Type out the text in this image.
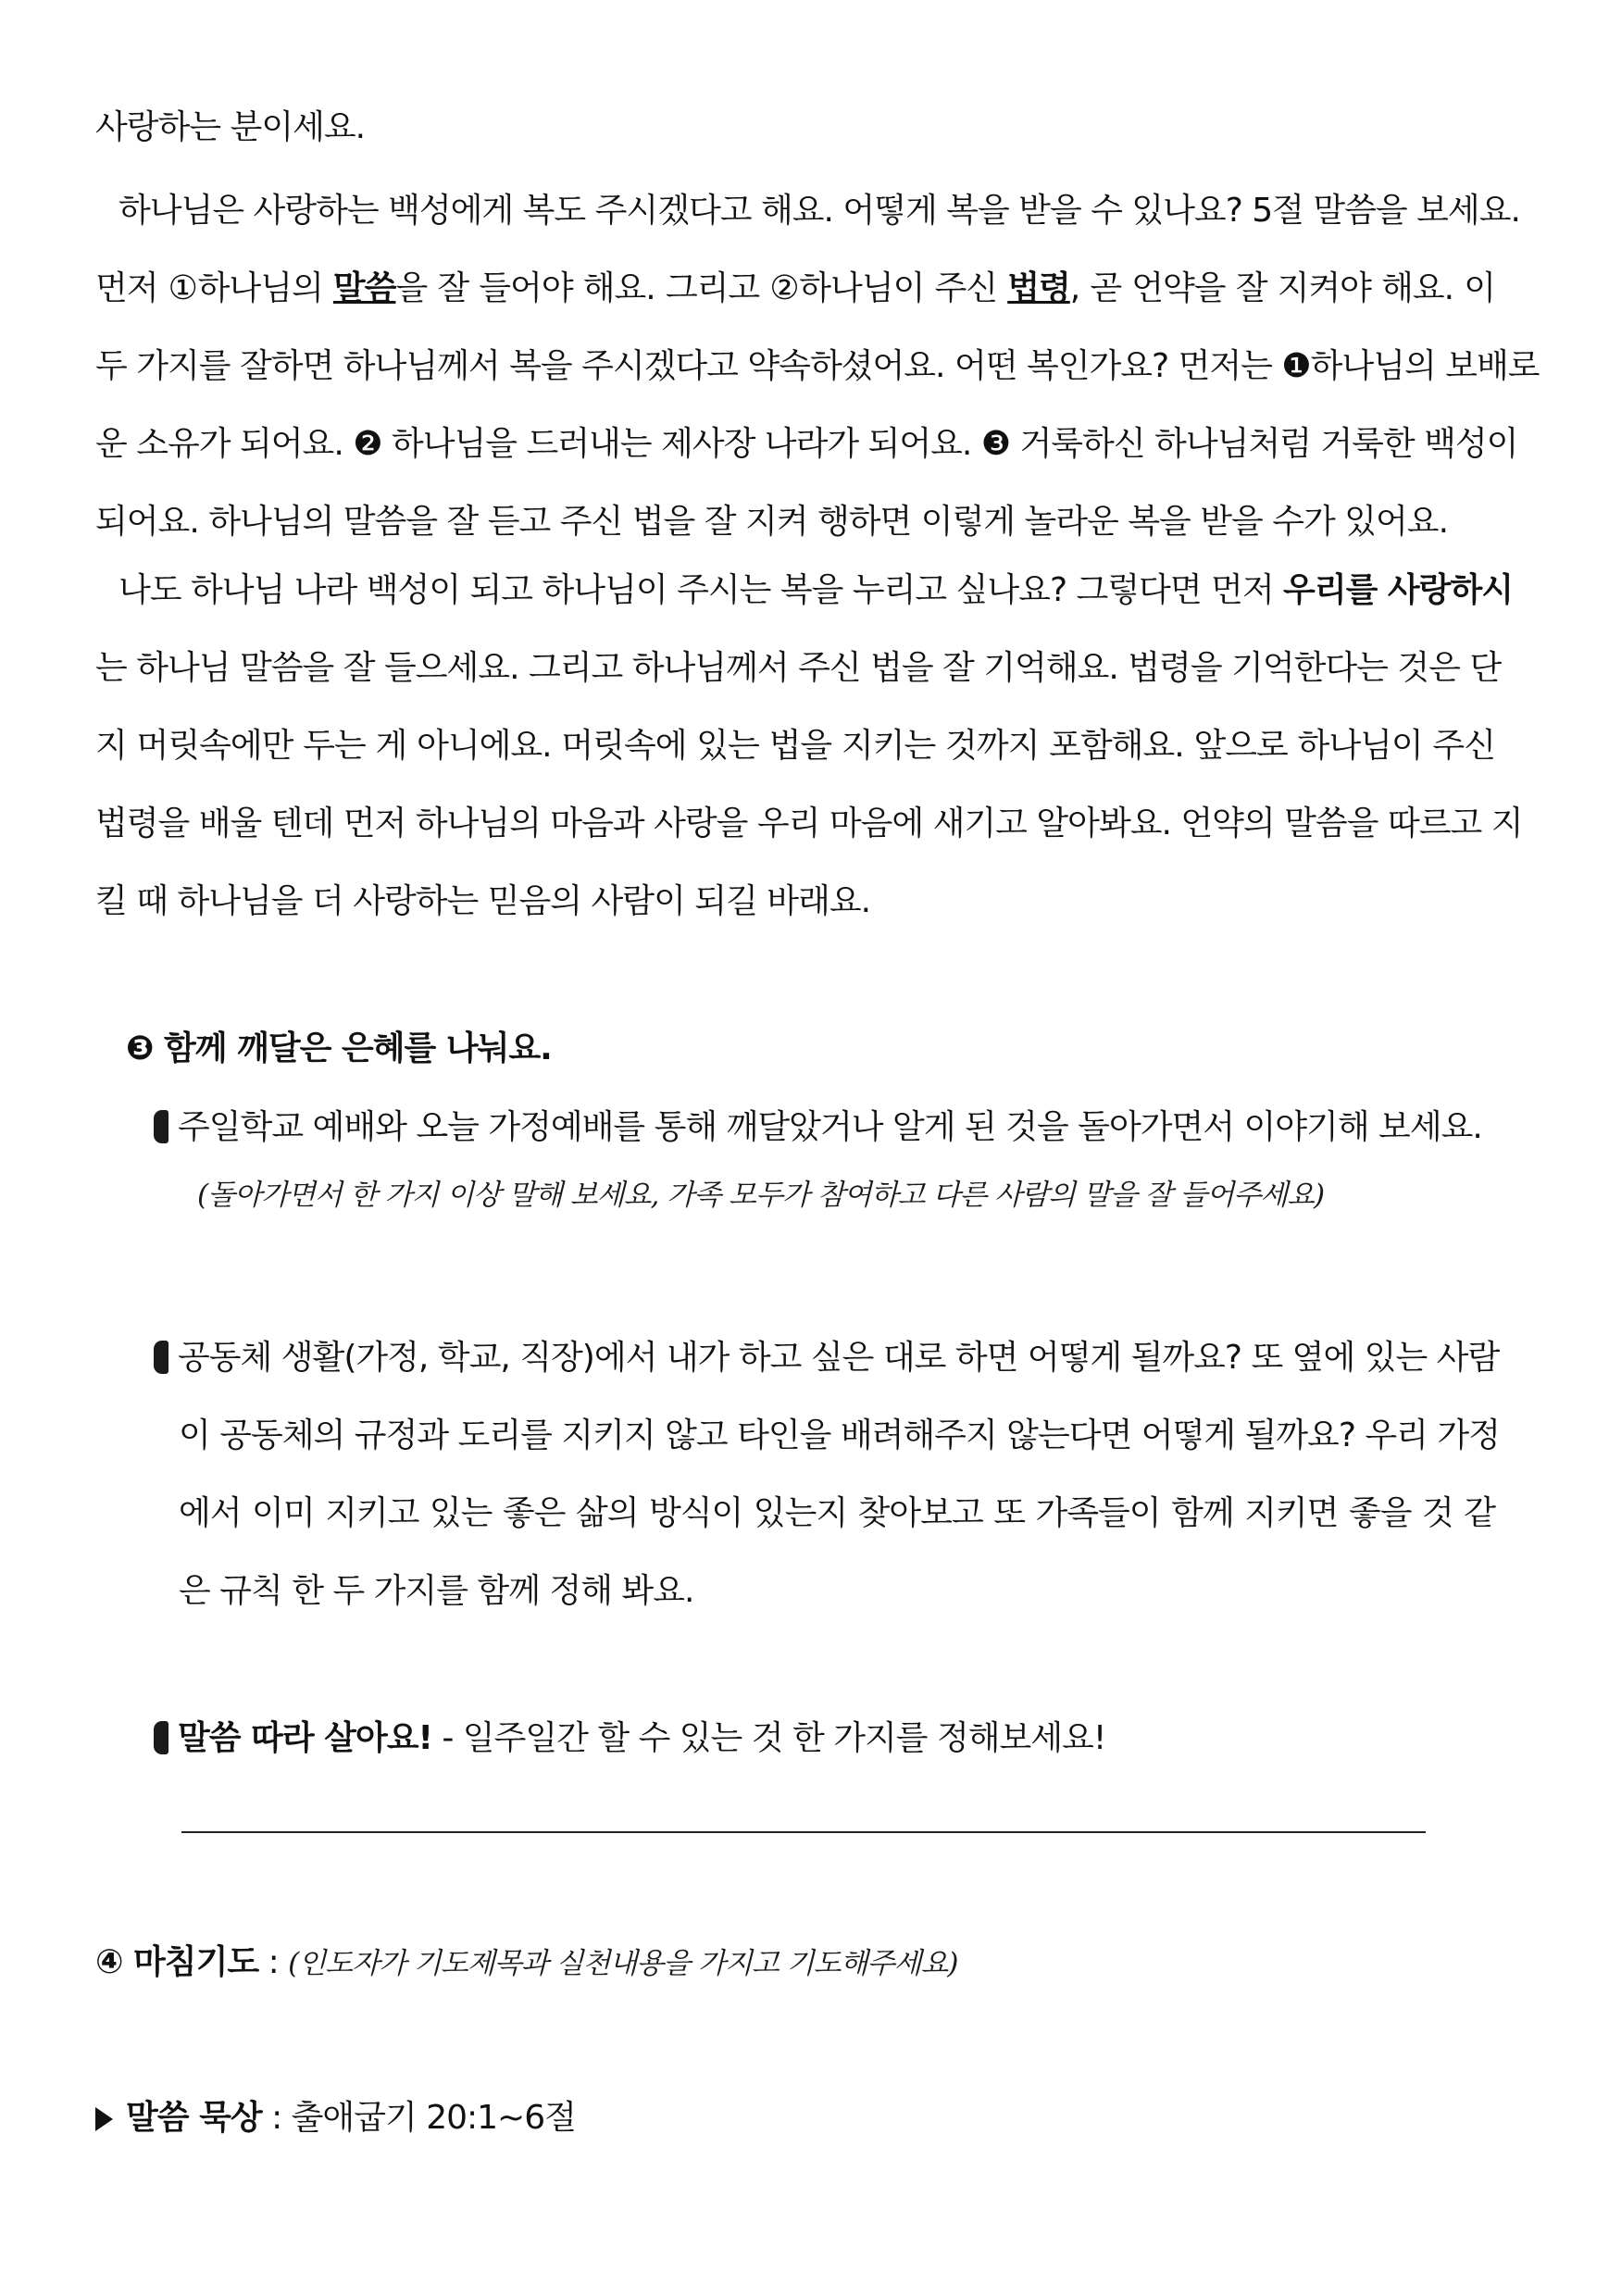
사랑하는 분이세요.
하나님은 사랑하는 백성에게 복도 주시겠다고 해요. 어떻게 복을 받을 수 있나요? 5절 말씀을 보세요.
먼저 ①하나님의 말씀을 잘 들어야 해요. 그리고 ②하나님이 주신 법령, 곧 언약을 잘 지켜야 해요. 이
두 가지를 잘하면 하나님께서 복을 주시겠다고 약속하셨어요. 어떤 복인가요? 먼저는 ❶하나님의 보배로
운 소유가 되어요. ❷ 하나님을 드러내는 제사장 나라가 되어요. ❸ 거룩하신 하나님처럼 거룩한 백성이
되어요. 하나님의 말씀을 잘 듣고 주신 법을 잘 지켜 행하면 이렇게 놀라운 복을 받을 수가 있어요.
나도 하나님 나라 백성이 되고 하나님이 주시는 복을 누리고 싶나요? 그렇다면 먼저 우리를 사랑하시
는 하나님 말씀을 잘 들으세요. 그리고 하나님께서 주신 법을 잘 기억해요. 법령을 기억한다는 것은 단
지 머릿속에만 두는 게 아니에요. 머릿속에 있는 법을 지키는 것까지 포함해요. 앞으로 하나님이 주신
법령을 배울 텐데 먼저 하나님의 마음과 사랑을 우리 마음에 새기고 알아봐요. 언약의 말씀을 따르고 지
킬 때 하나님을 더 사랑하는 믿음의 사람이 되길 바래요.
❸ 함께 깨달은 은혜를 나눠요.
주일학교 예배와 오늘 가정예배를 통해 깨달았거나 알게 된 것을 돌아가면서 이야기해 보세요.
(돌아가면서 한 가지 이상 말해 보세요, 가족 모두가 참여하고 다른 사람의 말을 잘 들어주세요)
공동체 생활(가정, 학교, 직장)에서 내가 하고 싶은 대로 하면 어떻게 될까요? 또 옆에 있는 사람
이 공동체의 규정과 도리를 지키지 않고 타인을 배려해주지 않는다면 어떻게 될까요? 우리 가정
에서 이미 지키고 있는 좋은 삶의 방식이 있는지 찾아보고 또 가족들이 함께 지키면 좋을 것 같
은 규칙 한 두 가지를 함께 정해 봐요.
말씀 따라 살아요! - 일주일간 할 수 있는 것 한 가지를 정해보세요!
④ 마침기도 : (인도자가 기도제목과 실천내용을 가지고 기도해주세요)
말씀 묵상 : 출애굽기 20:1~6절
